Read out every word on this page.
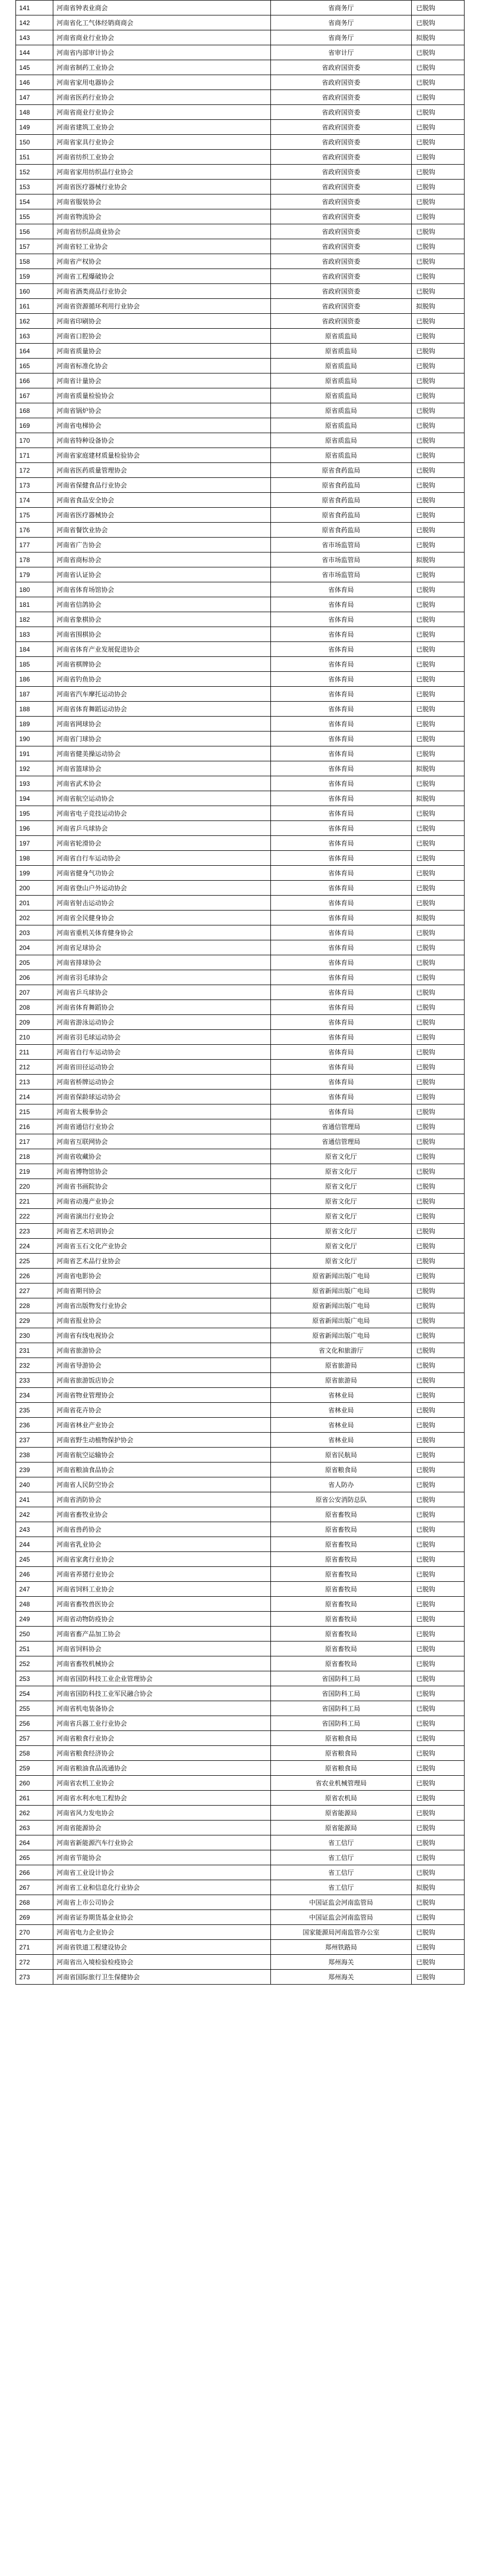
141	河南省钟表业商会	省商务厅	已脱钩
142	河南省化工气体经销商商会	省商务厅	已脱钩
143	河南省商业行业协会	省商务厅	拟脱钩
144	河南省内部审计协会	省审计厅	已脱钩
145	河南省制药工业协会	省政府国资委	已脱钩
146	河南省家用电器协会	省政府国资委	已脱钩
147	河南省医药行业协会	省政府国资委	已脱钩
148	河南省商业行业协会	省政府国资委	已脱钩
149	河南省建筑工业协会	省政府国资委	已脱钩
150	河南省家具行业协会	省政府国资委	已脱钩
151	河南省纺织工业协会	省政府国资委	已脱钩
152	河南省家用纺织品行业协会	省政府国资委	已脱钩
153	河南省医疗器械行业协会	省政府国资委	已脱钩
154	河南省服装协会	省政府国资委	已脱钩
155	河南省物流协会	省政府国资委	已脱钩
156	河南省纺织品商业协会	省政府国资委	已脱钩
157	河南省轻工业协会	省政府国资委	已脱钩
158	河南省产权协会	省政府国资委	已脱钩
159	河南省工程爆破协会	省政府国资委	已脱钩
160	河南省酒类商品行业协会	省政府国资委	已脱钩
161	河南省资源循环利用行业协会	省政府国资委	拟脱钩
162	河南省印刷协会	省政府国资委	已脱钩
163	河南省口腔协会	原省质监局	已脱钩
164	河南省质量协会	原省质监局	已脱钩
165	河南省标准化协会	原省质监局	已脱钩
166	河南省计量协会	原省质监局	已脱钩
167	河南省质量检验协会	原省质监局	已脱钩
168	河南省锅炉协会	原省质监局	已脱钩
169	河南省电梯协会	原省质监局	已脱钩
170	河南省特种设备协会	原省质监局	已脱钩
171	河南省家庭建材质量检验协会	原省质监局	已脱钩
172	河南省医药质量管理协会	原省食药监局	已脱钩
173	河南省保健食品行业协会	原省食药监局	已脱钩
174	河南省食品安全协会	原省食药监局	已脱钩
175	河南省医疗器械协会	原省食药监局	已脱钩
176	河南省餐饮业协会	原省食药监局	已脱钩
177	河南省广告协会	省市场监管局	已脱钩
178	河南省商标协会	省市场监管局	拟脱钩
179	河南省认证协会	省市场监管局	已脱钩
180	河南省体育场馆协会	省体育局	已脱钩
181	河南省信鸽协会	省体育局	已脱钩
182	河南省象棋协会	省体育局	已脱钩
183	河南省围棋协会	省体育局	已脱钩
184	河南省体育产业发展促进协会	省体育局	已脱钩
185	河南省棋牌协会	省体育局	已脱钩
186	河南省钓鱼协会	省体育局	已脱钩
187	河南省汽车摩托运动协会	省体育局	已脱钩
188	河南省体育舞蹈运动协会	省体育局	已脱钩
189	河南省网球协会	省体育局	已脱钩
190	河南省门球协会	省体育局	已脱钩
191	河南省健美操运动协会	省体育局	已脱钩
192	河南省篮球协会	省体育局	拟脱钩
193	河南省武术协会	省体育局	已脱钩
194	河南省航空运动协会	省体育局	拟脱钩
195	河南省电子竞技运动协会	省体育局	已脱钩
196	河南省乒乓球协会	省体育局	已脱钩
197	河南省轮滑协会	省体育局	已脱钩
198	河南省自行车运动协会	省体育局	已脱钩
199	河南省健身气功协会	省体育局	已脱钩
200	河南省登山户外运动协会	省体育局	已脱钩
201	河南省射击运动协会	省体育局	已脱钩
202	河南省全民健身协会	省体育局	拟脱钩
203	河南省重机关体育健身协会	省体育局	已脱钩
204	河南省足球协会	省体育局	已脱钩
205	河南省排球协会	省体育局	已脱钩
206	河南省羽毛球协会	省体育局	已脱钩
207	河南省乒乓球协会	省体育局	已脱钩
208	河南省体育舞蹈协会	省体育局	已脱钩
209	河南省游泳运动协会	省体育局	已脱钩
210	河南省羽毛球运动协会	省体育局	已脱钩
211	河南省自行车运动协会	省体育局	已脱钩
212	河南省田径运动协会	省体育局	已脱钩
213	河南省桥牌运动协会	省体育局	已脱钩
214	河南省保龄球运动协会	省体育局	已脱钩
215	河南省太极拳协会	省体育局	已脱钩
216	河南省通信行业协会	省通信管理局	已脱钩
217	河南省互联网协会	省通信管理局	已脱钩
218	河南省收藏协会	原省文化厅	已脱钩
219	河南省博物馆协会	原省文化厅	已脱钩
220	河南省书画院协会	原省文化厅	已脱钩
221	河南省动漫产业协会	原省文化厅	已脱钩
222	河南省演出行业协会	原省文化厅	已脱钩
223	河南省艺术培训协会	原省文化厅	已脱钩
224	河南省玉石文化产业协会	原省文化厅	已脱钩
225	河南省艺术品行业协会	原省文化厅	已脱钩
226	河南省电影协会	原省新闻出版广电局	已脱钩
227	河南省期刊协会	原省新闻出版广电局	已脱钩
228	河南省出版物发行业协会	原省新闻出版广电局	已脱钩
229	河南省报业协会	原省新闻出版广电局	已脱钩
230	河南省有线电视协会	原省新闻出版广电局	已脱钩
231	河南省旅游协会	省文化和旅游厅	已脱钩
232	河南省导游协会	原省旅游局	已脱钩
233	河南省旅游饭店协会	原省旅游局	已脱钩
234	河南省物业管理协会	省林业局	已脱钩
235	河南省花卉协会	省林业局	已脱钩
236	河南省林业产业协会	省林业局	已脱钩
237	河南省野生动植物保护协会	省林业局	已脱钩
238	河南省航空运输协会	原省民航局	已脱钩
239	河南省粮油食品协会	原省粮食局	已脱钩
240	河南省人民防空协会	省人防办	已脱钩
241	河南省消防协会	原省公安消防总队	已脱钩
242	河南省畜牧业协会	原省畜牧局	已脱钩
243	河南省兽药协会	原省畜牧局	已脱钩
244	河南省乳业协会	原省畜牧局	已脱钩
245	河南省家禽行业协会	原省畜牧局	已脱钩
246	河南省养猪行业协会	原省畜牧局	已脱钩
247	河南省饲料工业协会	原省畜牧局	已脱钩
248	河南省畜牧兽医协会	原省畜牧局	已脱钩
249	河南省动物防疫协会	原省畜牧局	已脱钩
250	河南省畜产品加工协会	原省畜牧局	已脱钩
251	河南省饲料协会	原省畜牧局	已脱钩
252	河南省畜牧机械协会	原省畜牧局	已脱钩
253	河南省国防科技工业企业管理协会	省国防科工局	已脱钩
254	河南省国防科技工业军民融合协会	省国防科工局	已脱钩
255	河南省机电装备协会	省国防科工局	已脱钩
256	河南省兵器工业行业协会	省国防科工局	已脱钩
257	河南省粮食行业协会	原省粮食局	已脱钩
258	河南省粮食经济协会	原省粮食局	已脱钩
259	河南省粮油食品流通协会	原省粮食局	已脱钩
260	河南省农机工业协会	省农业机械管理局	已脱钩
261	河南省水利水电工程协会	原省农机局	已脱钩
262	河南省风力发电协会	原省能源局	已脱钩
263	河南省能源协会	原省能源局	已脱钩
264	河南省新能源汽车行业协会	省工信厅	已脱钩
265	河南省节能协会	省工信厅	已脱钩
266	河南省工业设计协会	省工信厅	已脱钩
267	河南省工业和信息化行业协会	省工信厅	拟脱钩
268	河南省上市公司协会	中国证监会河南监管局	已脱钩
269	河南省证券期货基金业协会	中国证监会河南监管局	已脱钩
270	河南省电力企业协会	国家能源局河南监管办公室	已脱钩
271	河南省铁道工程建设协会	郑州铁路局	已脱钩
272	河南省出入境检验检疫协会	郑州海关	已脱钩
273	河南省国际旅行卫生保健协会	郑州海关	已脱钩
